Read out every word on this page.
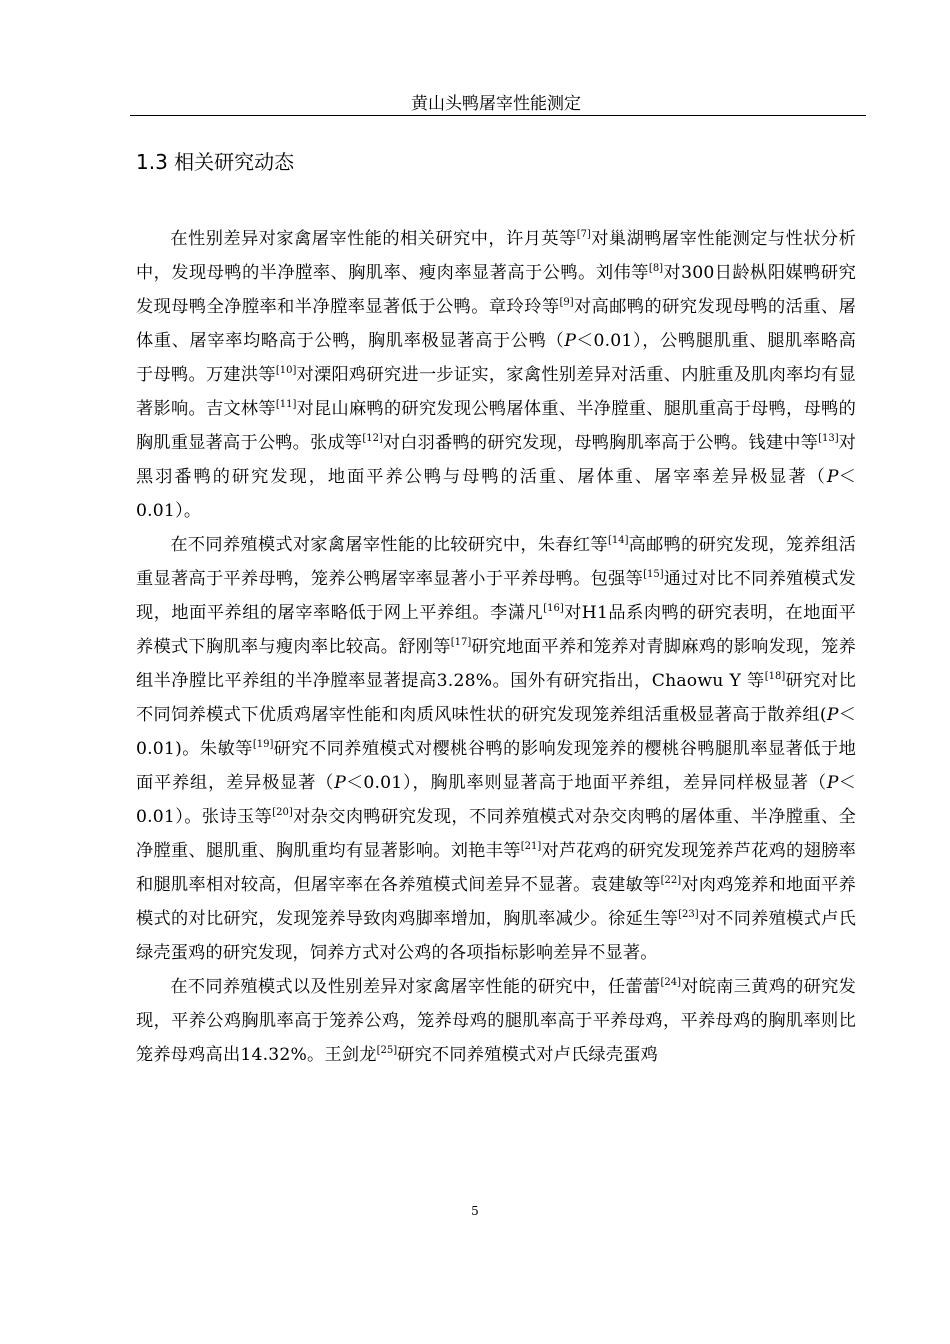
黄山头鸭屠宰性能测定
1.3 相关研究动态

在性别差异对家禽屠宰性能的相关研究中，许月英等[7]对巢湖鸭屠宰性能测定与性状分析中，发现母鸭的半净膛率、胸肌率、瘦肉率显著高于公鸭。刘伟等[8]对300日龄枞阳媒鸭研究发现母鸭全净膛率和半净膛率显著低于公鸭。章玲玲等[9]对高邮鸭的研究发现母鸭的活重、屠体重、屠宰率均略高于公鸭，胸肌率极显著高于公鸭（P＜0.01），公鸭腿肌重、腿肌率略高于母鸭。万建洪等[10]对溧阳鸡研究进一步证实，家禽性别差异对活重、内脏重及肌肉率均有显著影响。吉文林等[11]对昆山麻鸭的研究发现公鸭屠体重、半净膛重、腿肌重高于母鸭，母鸭的胸肌重显著高于公鸭。张成等[12]对白羽番鸭的研究发现，母鸭胸肌率高于公鸭。钱建中等[13]对黑羽番鸭的研究发现，地面平养公鸭与母鸭的活重、屠体重、屠宰率差异极显著（P＜0.01）。

在不同养殖模式对家禽屠宰性能的比较研究中，朱春红等[14]高邮鸭的研究发现，笼养组活重显著高于平养母鸭，笼养公鸭屠宰率显著小于平养母鸭。包强等[15]通过对比不同养殖模式发现，地面平养组的屠宰率略低于网上平养组。李潇凡[16]对H1品系肉鸭的研究表明，在地面平养模式下胸肌率与瘦肉率比较高。舒刚等[17]研究地面平养和笼养对青脚麻鸡的影响发现，笼养组半净膛比平养组的半净膛率显著提高3.28%。国外有研究指出，Chaowu Y 等[18]研究对比不同饲养模式下优质鸡屠宰性能和肉质风味性状的研究发现笼养组活重极显著高于散养组(P＜0.01)。朱敏等[19]研究不同养殖模式对樱桃谷鸭的影响发现笼养的樱桃谷鸭腿肌率显著低于地面平养组，差异极显著（P＜0.01），胸肌率则显著高于地面平养组，差异同样极显著（P＜0.01）。张诗玉等[20]对杂交肉鸭研究发现，不同养殖模式对杂交肉鸭的屠体重、半净膛重、全净膛重、腿肌重、胸肌重均有显著影响。刘艳丰等[21]对芦花鸡的研究发现笼养芦花鸡的翅膀率和腿肌率相对较高，但屠宰率在各养殖模式间差异不显著。袁建敏等[22]对肉鸡笼养和地面平养模式的对比研究，发现笼养导致肉鸡脚率增加，胸肌率减少。徐延生等[23]对不同养殖模式卢氏绿壳蛋鸡的研究发现，饲养方式对公鸡的各项指标影响差异不显著。

在不同养殖模式以及性别差异对家禽屠宰性能的研究中，任蕾蕾[24]对皖南三黄鸡的研究发现，平养公鸡胸肌率高于笼养公鸡，笼养母鸡的腿肌率高于平养母鸡，平养母鸡的胸肌率则比笼养母鸡高出14.32%。王剑龙[25]研究不同养殖模式对卢氏绿壳蛋鸡

5
